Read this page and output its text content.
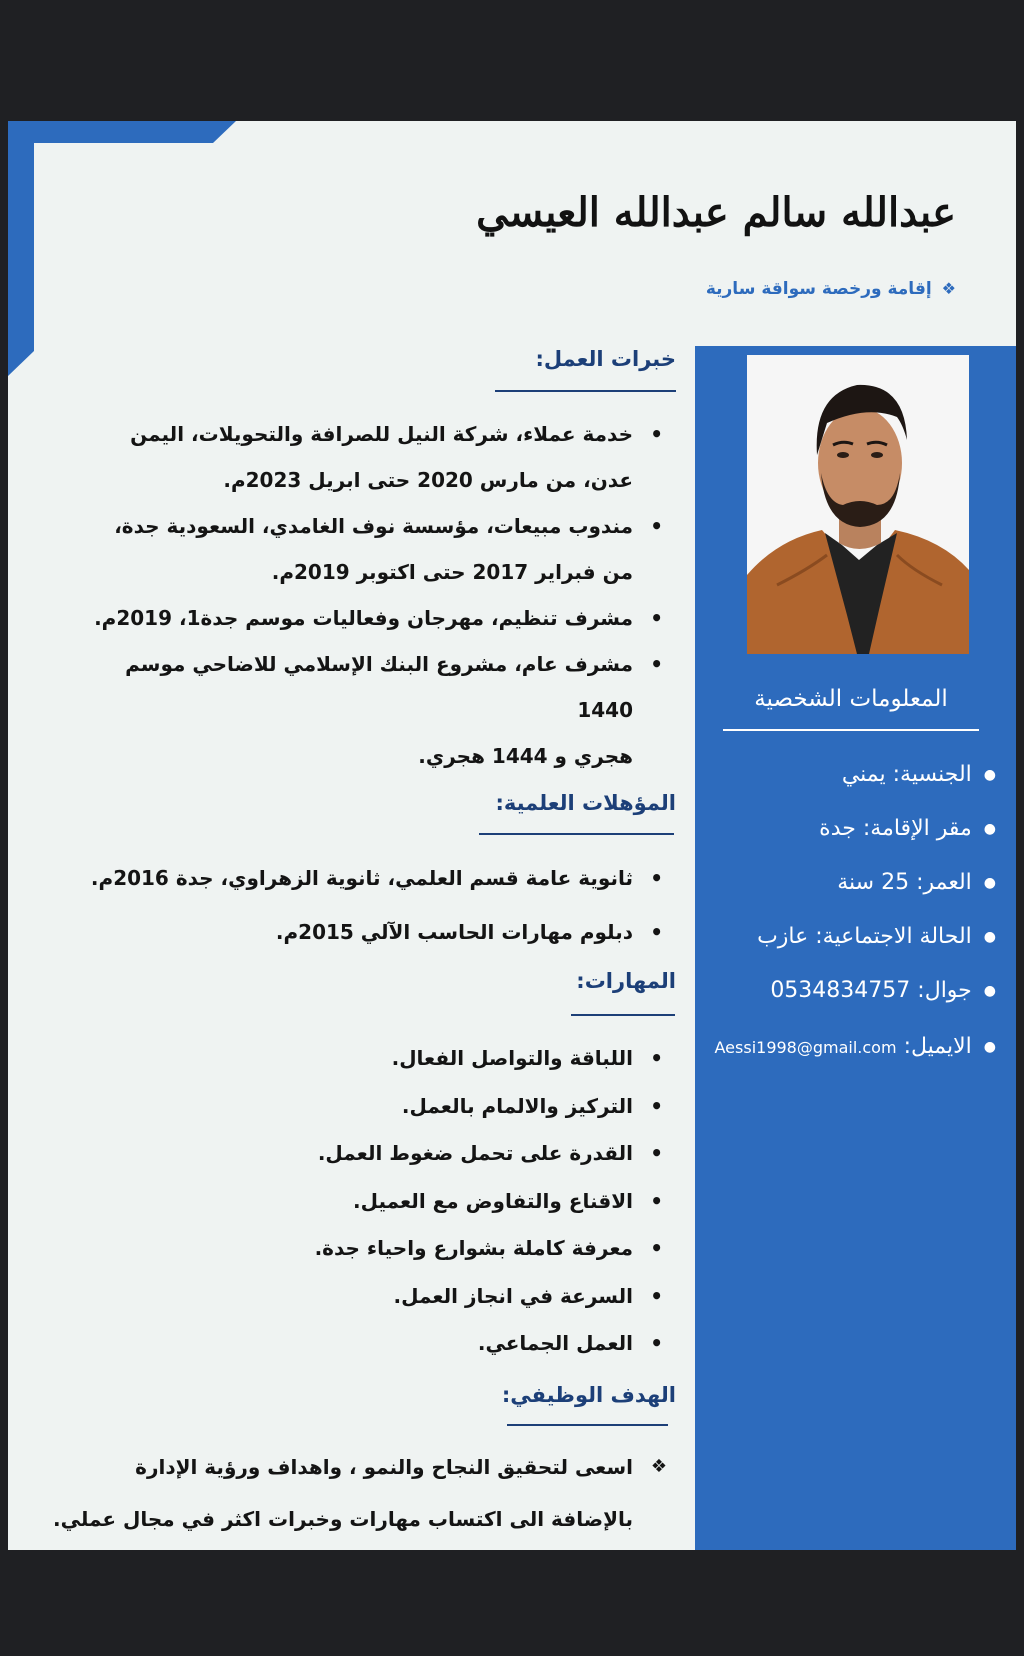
عبدالله سالم عبدالله العيسي
❖إقامة ورخصة سواقة سارية
المعلومات الشخصية
●الجنسية: يمني
●مقر الإقامة: جدة
●العمر: 25 سنة
●الحالة الاجتماعية: عازب
●جوال: 0534834757
●الايميل: Aessi1998@gmail.com
خبرات العمل:
• خدمة عملاء، شركة النيل للصرافة والتحويلات، اليمن
عدن، من مارس 2020 حتى ابريل 2023م.
• مندوب مبيعات، مؤسسة نوف الغامدي، السعودية جدة،
من فبراير 2017 حتى اكتوبر 2019م.
• مشرف تنظيم، مهرجان وفعاليات موسم جدة1، 2019م.
• مشرف عام، مشروع البنك الإسلامي للاضاحي موسم 1440
هجري و 1444 هجري.
المؤهلات العلمية:
• ثانوية عامة قسم العلمي، ثانوية الزهراوي، جدة 2016م.
• دبلوم مهارات الحاسب الآلي 2015م.
المهارات:
• اللباقة والتواصل الفعال.
• التركيز والالمام بالعمل.
• القدرة على تحمل ضغوط العمل.
• الاقناع والتفاوض مع العميل.
• معرفة كاملة بشوارع واحياء جدة.
• السرعة في انجاز العمل.
• العمل الجماعي.
الهدف الوظيفي:
❖ اسعى لتحقيق النجاح والنمو ، واهداف ورؤية الإدارة
بالإضافة الى اكتساب مهارات وخبرات اكثر في مجال عملي.
